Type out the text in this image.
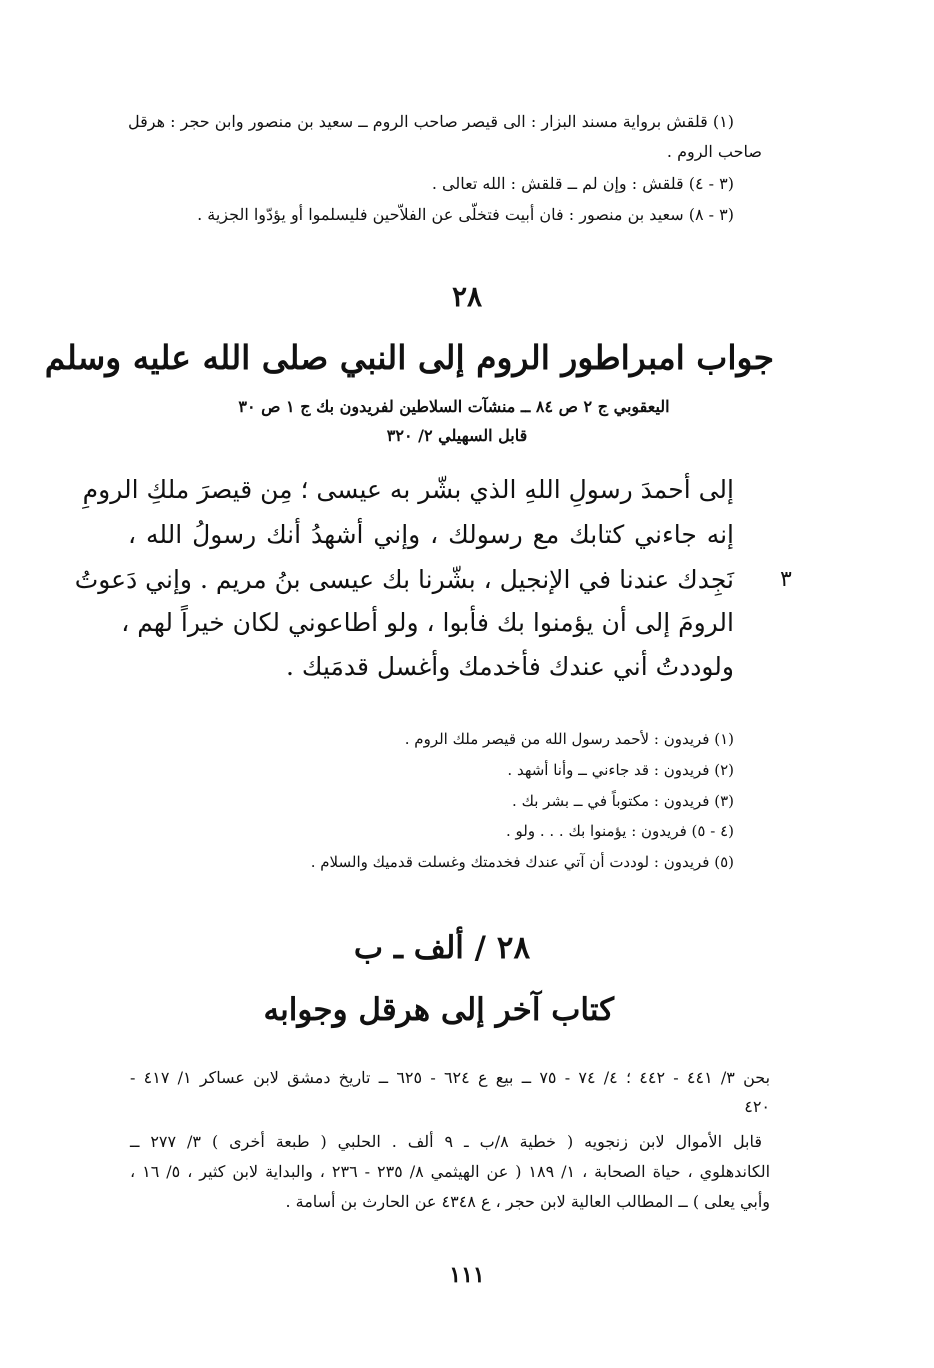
(١) قلقش برواية مسند البزار : الى قيصر صاحب الروم ــ سعيد بن منصور وابن حجر : هرقل
صاحب الروم .
(٣ - ٤) قلقش : وإن لم ــ قلقش : الله تعالى .
(٣ - ٨) سعيد بن منصور : فان أبيت فتخلّى عن الفلاّحين فليسلموا أو يؤدّوا الجزية .
٢٨
جواب امبراطور الروم إلى النبي صلى الله عليه وسلم
اليعقوبي ج ٢ ص ٨٤ ــ منشآت السلاطين لفريدون بك ج ١ ص ٣٠
قابل السهيلي ٢/ ٣٢٠
إلى أحمدَ رسولِ اللهِ الذي بشّر به عيسى ؛ مِن قيصرَ ملكِ الرومِ
إنه جاءني كتابك مع رسولك ، وإني أشهدُ أنك رسولُ الله ،
نَجِدك عندنا في الإنجيل ، بشّرنا بك عيسى بنُ مريم . وإني دَعوتُ
الرومَ إلى أن يؤمنوا بك فأبوا ، ولو أطاعوني لكان خيراً لهم ،
ولوددتُ أني عندك فأخدمك وأغسل قدمَيك .
٣
(١) فريدون : لأحمد رسول الله من قيصر ملك الروم .
(٢) فريدون : قد جاءني ــ وأنا أشهد .
(٣) فريدون : مكتوباً في ــ بشر بك .
(٤ - ٥) فريدون : يؤمنوا بك . . . ولو .
(٥) فريدون : لوددت أن آتي عندك فخدمتك وغسلت قدميك والسلام .
٢٨ / ألف ـ ب
كتاب آخر إلى هرقل وجوابه
بحن ٣/ ٤٤١ - ٤٤٢ ؛ ٤/ ٧٤ - ٧٥ ــ بيع ع ٦٢٤ - ٦٢٥ ــ تاريخ دمشق لابن عساكر ١/ ٤١٧ -
٤٢٠
قابل الأموال لابن زنجويه ( خطية ٨/ب ـ ٩ ألف . الحلبي ( طبعة أخرى ) ٣/ ٢٧٧ ــ
الكاندهلوي ، حياة الصحابة ، ١/ ١٨٩ ( عن الهيثمي ٨/ ٢٣٥ - ٢٣٦ ، والبداية لابن كثير ، ٥/ ١٦ ،
وأبي يعلى ) ــ المطالب العالية لابن حجر ، ع ٤٣٤٨ عن الحارث بن أسامة .
١١١
